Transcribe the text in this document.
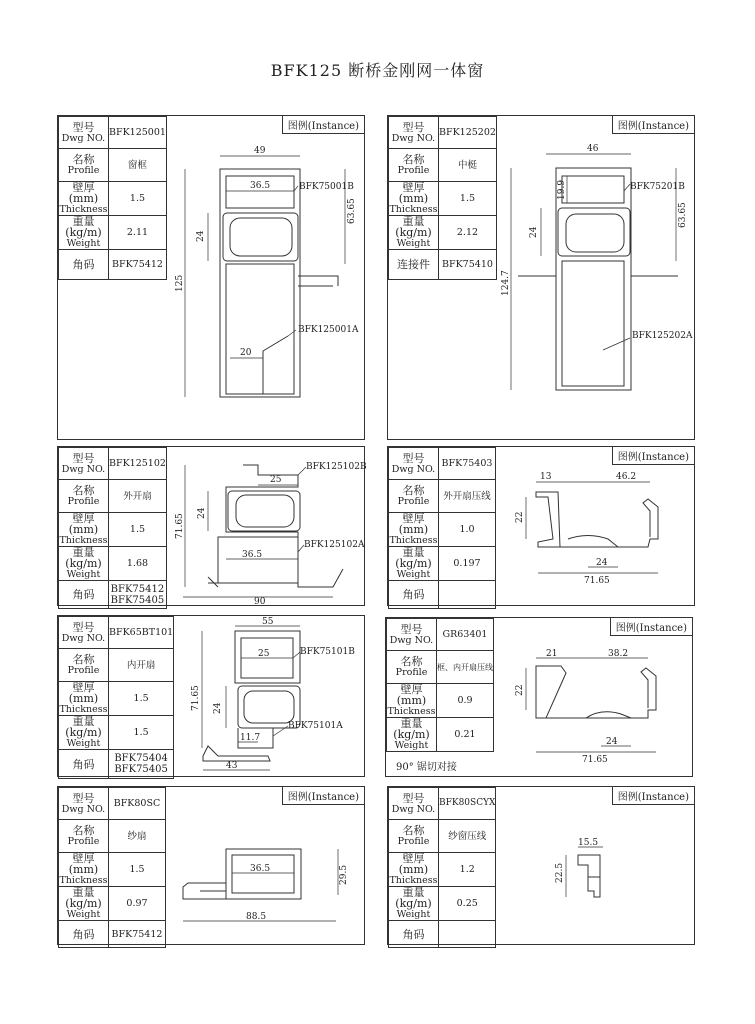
BFK125 断桥金刚网一体窗
型号
Dwg NO.	BFK125001

名称
Profile	窗框

壁厚 (mm)
Thickness	1.5

重量 (kg/m)
Weight	2.11

角码	BFK75412
图例(Instance)
49
36.5
63.65
24
125
20
BFK75001B
BFK125001A
型号
Dwg NO.	BFK125202

名称
Profile	中梃

壁厚 (mm)
Thickness	1.5

重量 (kg/m)
Weight	2.12

连接件	BFK75410
图例(Instance)
46
19.9
63.65
24
124.7
BFK75201B
BFK125202A
型号
Dwg NO.	BFK125102

名称
Profile	外开扇

壁厚 (mm)
Thickness	1.5

重量 (kg/m)
Weight	1.68

角码	BFK75412
BFK75405
25
24
71.65
36.5
90
BFK125102B
BFK125102A
型号
Dwg NO.	BFK75403

名称
Profile	外开扇压线

壁厚 (mm)
Thickness	1.0

重量 (kg/m)
Weight	0.197

角码	

图例(Instance)
13	46.2
22
24
71.65
型号
Dwg NO.	BFK65BT101

名称
Profile	内开扇

壁厚 (mm)
Thickness	1.5

重量 (kg/m)
Weight	1.5

角码	BFK75404
BFK75405
55
25
71.65 24
11.7
43
BFK75101B
BFK75101A
型号
Dwg NO.	GR63401

名称
Profile	框、内开扇压线

壁厚 (mm)
Thickness	0.9

重量 (kg/m)
Weight	0.21
90° 锯切对接
图例(Instance)
21	38.2
22
24
71.65
型号
Dwg NO.	BFK80SC

名称
Profile	纱扇

壁厚 (mm)
Thickness	1.5

重量 (kg/m)
Weight	0.97

角码	BFK75412
图例(Instance)
36.5	29.5
88.5
型号
Dwg NO.	BFK80SCYX

名称
Profile	纱窗压线

壁厚 (mm)
Thickness	1.2

重量 (kg/m)
Weight	0.25

角码	

图例(Instance)
15.5
22.5
